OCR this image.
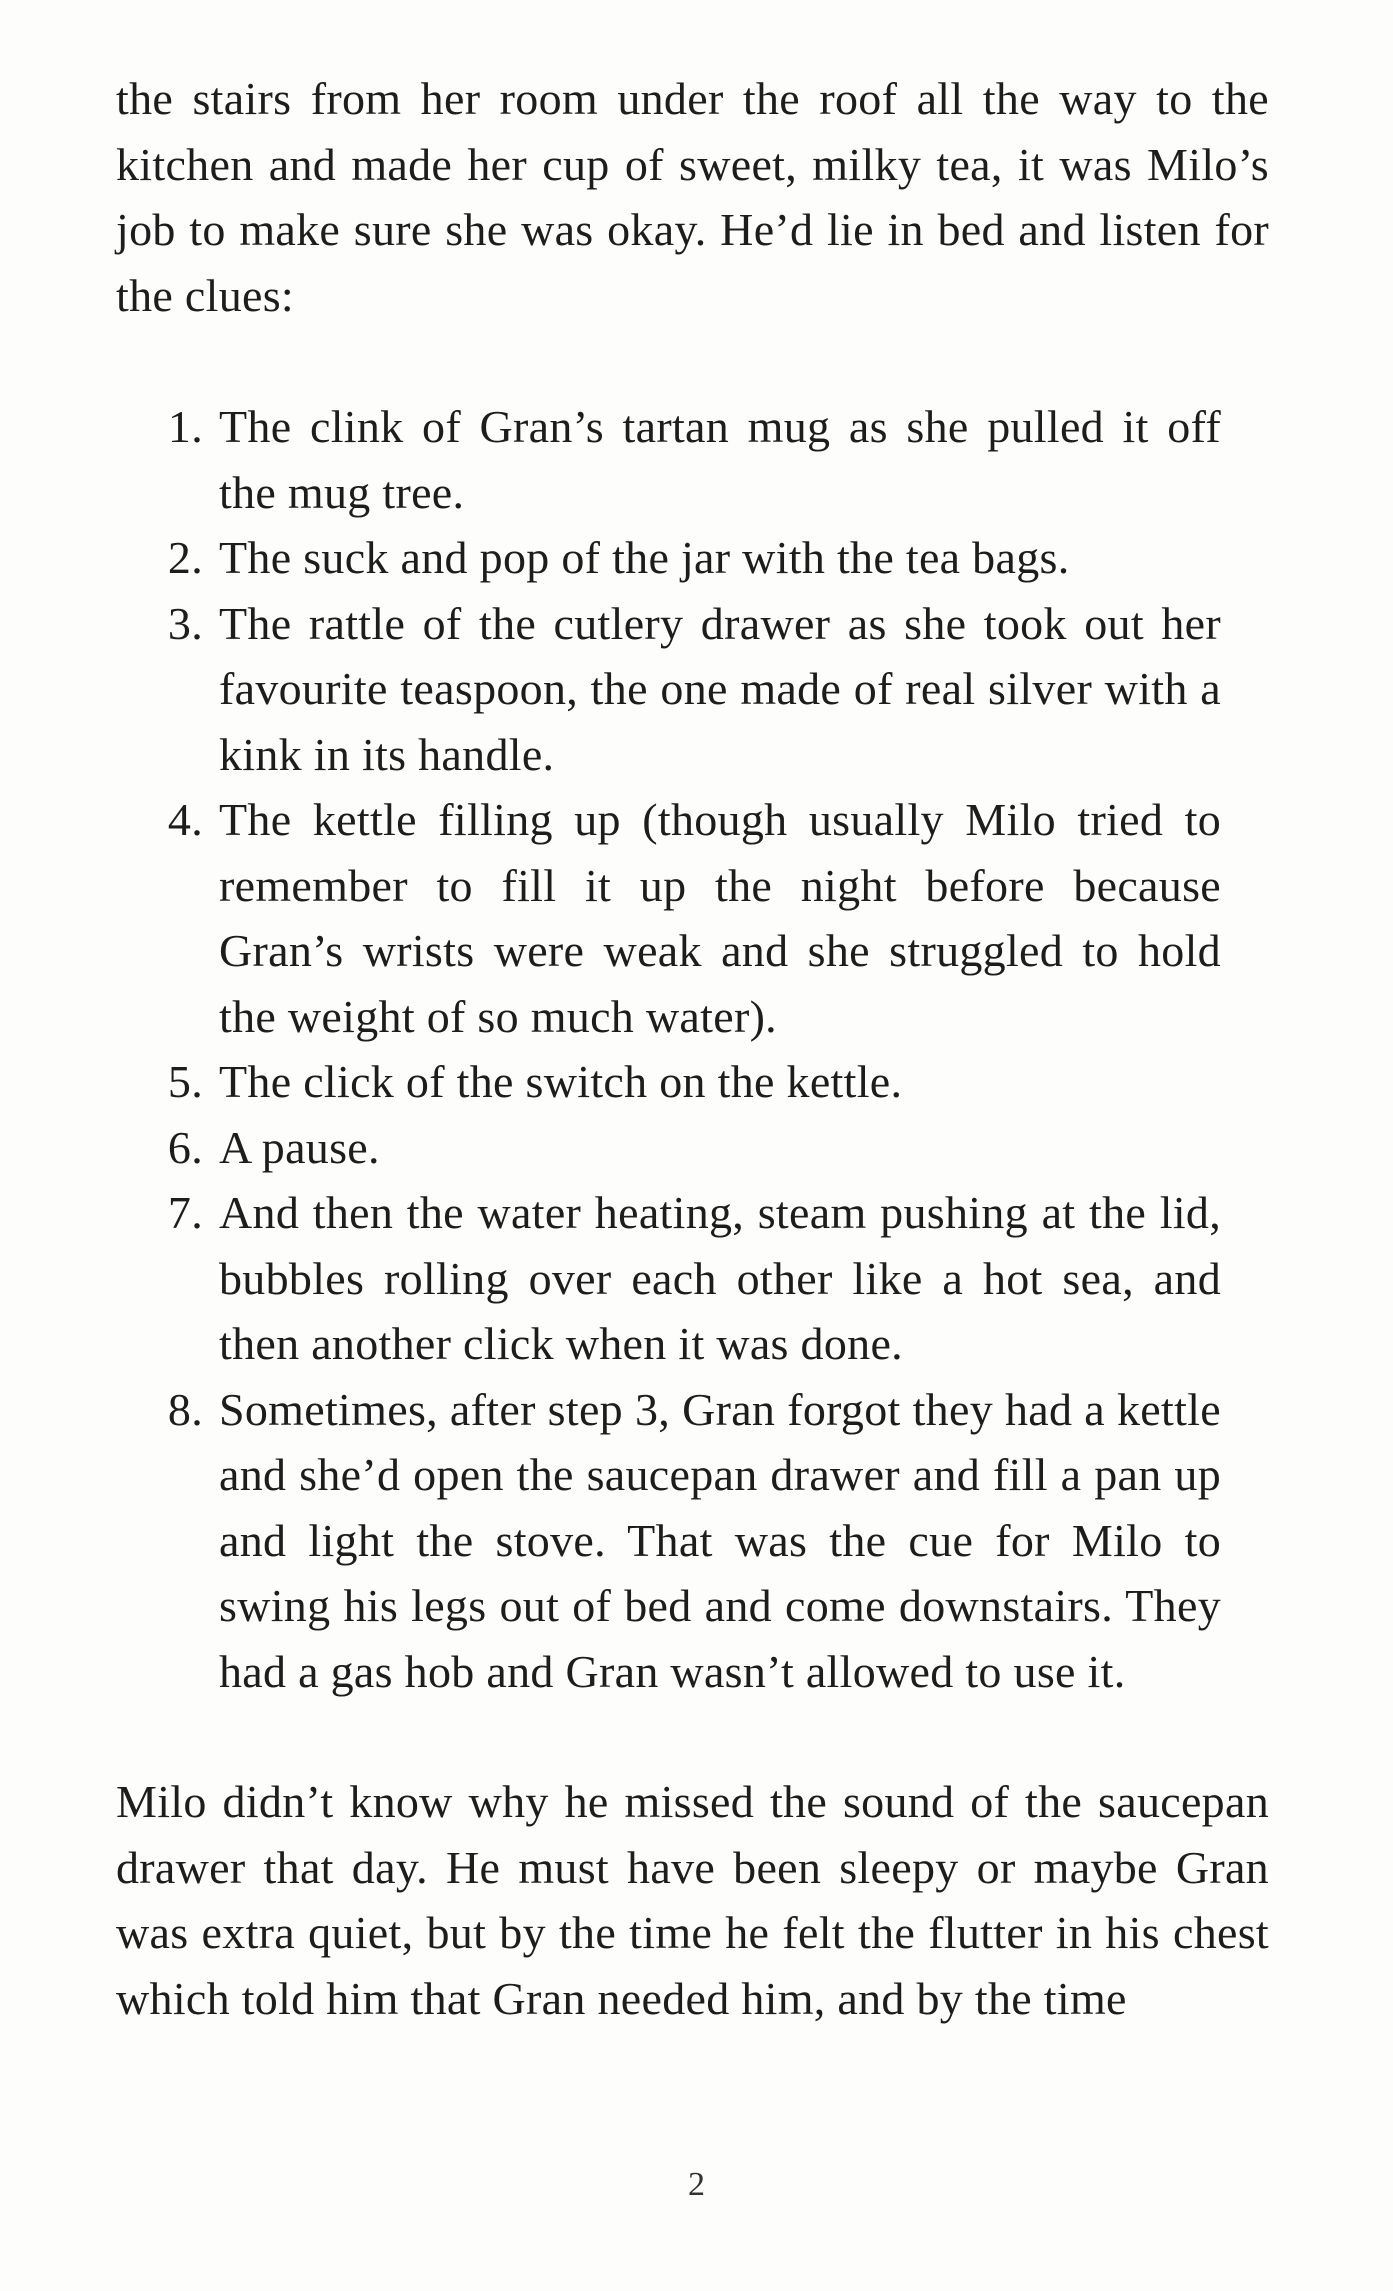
the stairs from her room under the roof all the way to the kitchen and made her cup of sweet, milky tea, it was Milo’s job to make sure she was okay. He’d lie in bed and listen for the clues:

1. The clink of Gran’s tartan mug as she pulled it off the mug tree.
2. The suck and pop of the jar with the tea bags.
3. The rattle of the cutlery drawer as she took out her favourite teaspoon, the one made of real silver with a kink in its handle.
4. The kettle filling up (though usually Milo tried to remember to fill it up the night before because Gran’s wrists were weak and she struggled to hold the weight of so much water).
5. The click of the switch on the kettle.
6. A pause.
7. And then the water heating, steam pushing at the lid, bubbles rolling over each other like a hot sea, and then another click when it was done.
8. Sometimes, after step 3, Gran forgot they had a kettle and she’d open the saucepan drawer and fill a pan up and light the stove. That was the cue for Milo to swing his legs out of bed and come downstairs. They had a gas hob and Gran wasn’t allowed to use it.

Milo didn’t know why he missed the sound of the saucepan drawer that day. He must have been sleepy or maybe Gran was extra quiet, but by the time he felt the flutter in his chest which told him that Gran needed him, and by the time

2
